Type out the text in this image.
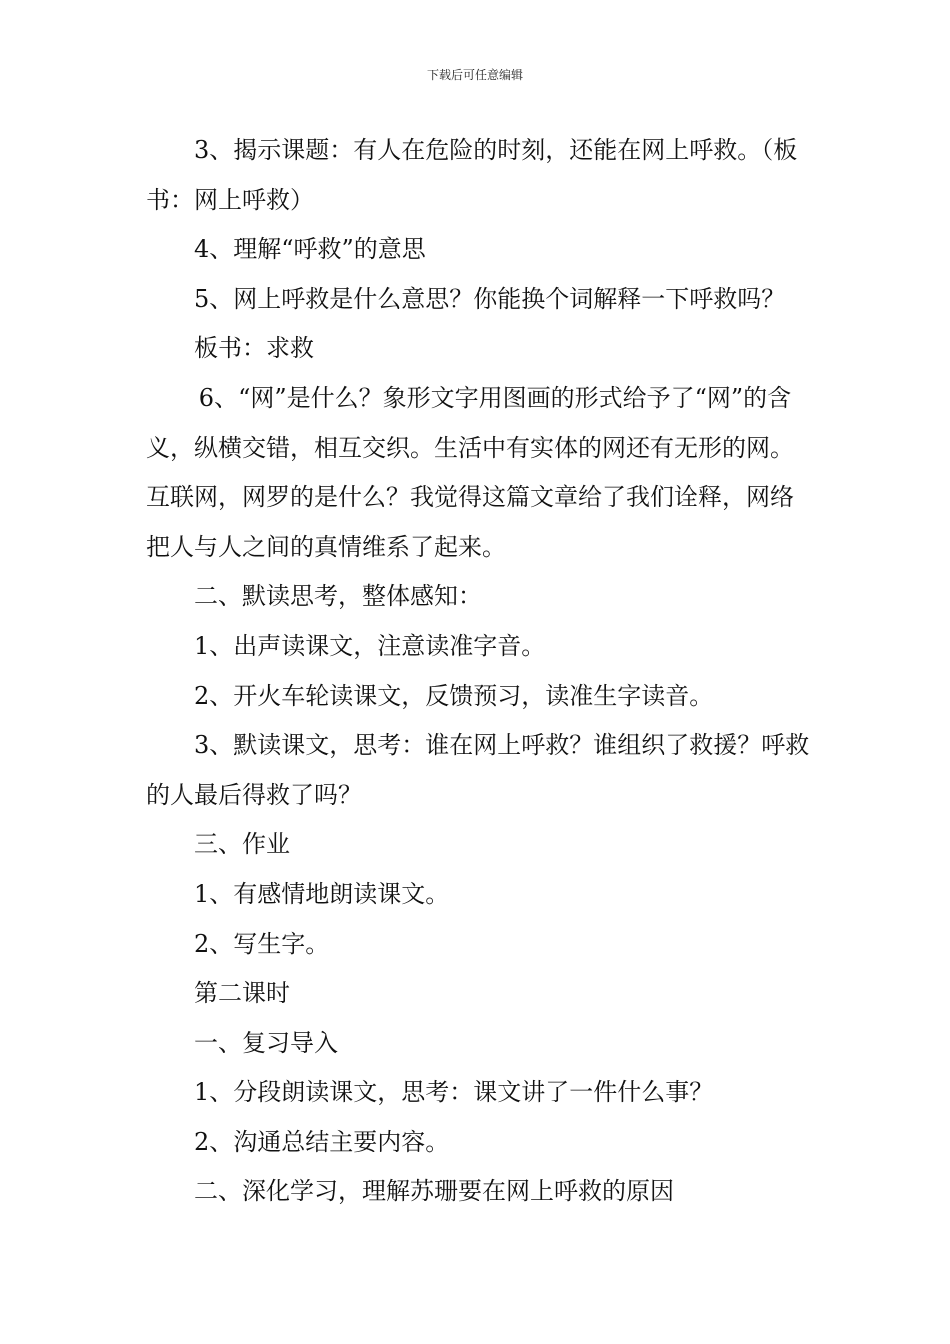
下载后可任意编辑

3、揭示课题：有人在危险的时刻，还能在网上呼救。（板书：网上呼救）

4、理解“呼救”的意思

5、网上呼救是什么意思？你能换个词解释一下呼救吗？

板书：求救

6、“网”是什么？象形文字用图画的形式给予了“网”的含义，纵横交错，相互交织。生活中有实体的网还有无形的网。互联网，网罗的是什么？我觉得这篇文章给了我们诠释，网络把人与人之间的真情维系了起来。

二、默读思考，整体感知：

1、出声读课文，注意读准字音。

2、开火车轮读课文，反馈预习，读准生字读音。

3、默读课文，思考：谁在网上呼救？谁组织了救援？呼救的人最后得救了吗？

三、作业

1、有感情地朗读课文。

2、写生字。

第二课时

一、复习导入

1、分段朗读课文，思考：课文讲了一件什么事？

2、沟通总结主要内容。

二、深化学习，理解苏珊要在网上呼救的原因
